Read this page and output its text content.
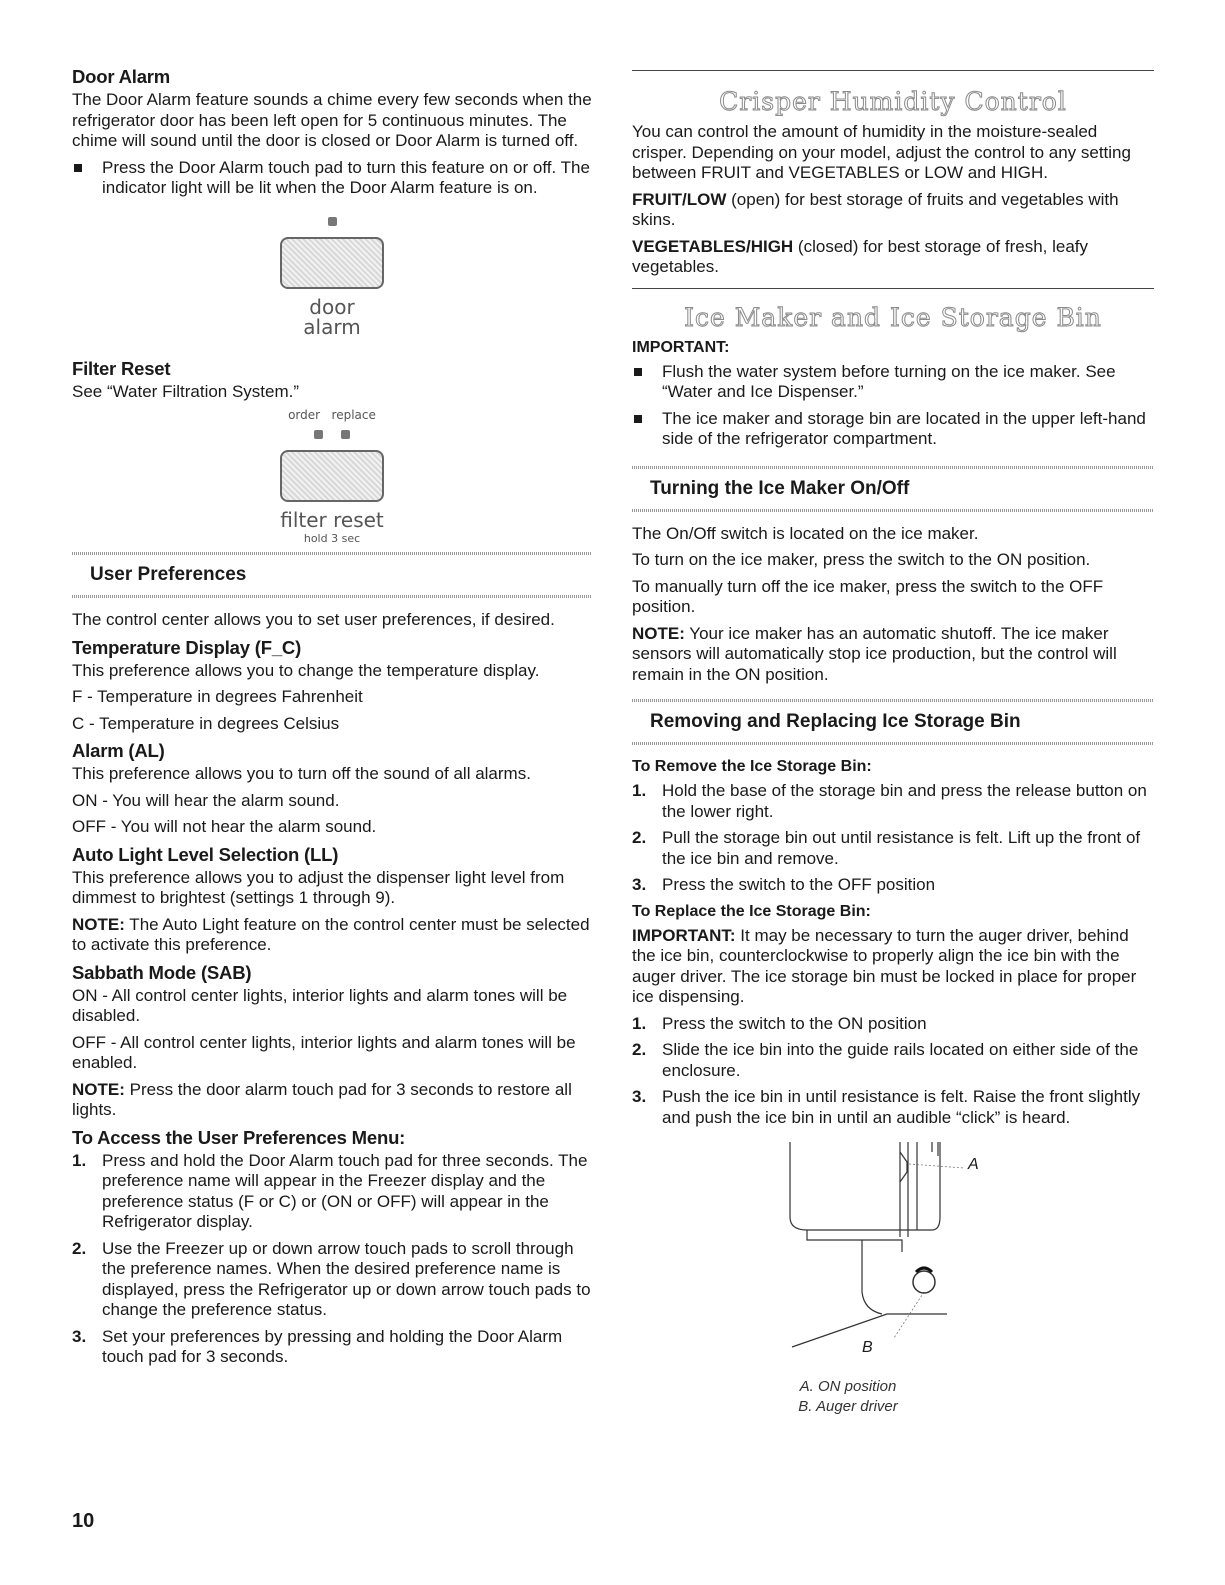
Door Alarm

The Door Alarm feature sounds a chime every few seconds when the refrigerator door has been left open for 5 continuous minutes. The chime will sound until the door is closed or Door Alarm is turned off.

Press the Door Alarm touch pad to turn this feature on or off. The indicator light will be lit when the Door Alarm feature is on.

door
alarm
Filter Reset

See “Water Filtration System.”

order replace

filter reset
hold 3 sec
User Preferences

The control center allows you to set user preferences, if desired.

Temperature Display (F_C)

This preference allows you to change the temperature display.

F - Temperature in degrees Fahrenheit

C - Temperature in degrees Celsius

Alarm (AL)

This preference allows you to turn off the sound of all alarms.

ON - You will hear the alarm sound.

OFF - You will not hear the alarm sound.

Auto Light Level Selection (LL)

This preference allows you to adjust the dispenser light level from dimmest to brightest (settings 1 through 9).

NOTE: The Auto Light feature on the control center must be selected to activate this preference.

Sabbath Mode (SAB)

ON - All control center lights, interior lights and alarm tones will be disabled.

OFF - All control center lights, interior lights and alarm tones will be enabled.

NOTE: Press the door alarm touch pad for 3 seconds to restore all lights.

To Access the User Preferences Menu:

1. Press and hold the Door Alarm touch pad for three seconds. The preference name will appear in the Freezer display and the preference status (F or C) or (ON or OFF) will appear in the Refrigerator display.

2. Use the Freezer up or down arrow touch pads to scroll through the preference names. When the desired preference name is displayed, press the Refrigerator up or down arrow touch pads to change the preference status.

3. Set your preferences by pressing and holding the Door Alarm touch pad for 3 seconds.

Crisper Humidity Control

You can control the amount of humidity in the moisture-sealed crisper. Depending on your model, adjust the control to any setting between FRUIT and VEGETABLES or LOW and HIGH.

FRUIT/LOW (open) for best storage of fruits and vegetables with skins.

VEGETABLES/HIGH (closed) for best storage of fresh, leafy vegetables.

Ice Maker and Ice Storage Bin
IMPORTANT:

Flush the water system before turning on the ice maker. See “Water and Ice Dispenser.”

The ice maker and storage bin are located in the upper left-hand side of the refrigerator compartment.

Turning the Ice Maker On/Off

The On/Off switch is located on the ice maker.

To turn on the ice maker, press the switch to the ON position.

To manually turn off the ice maker, press the switch to the OFF position.

NOTE: Your ice maker has an automatic shutoff. The ice maker sensors will automatically stop ice production, but the control will remain in the ON position.

Removing and Replacing Ice Storage Bin
To Remove the Ice Storage Bin:

1. Hold the base of the storage bin and press the release button on the lower right.

2. Pull the storage bin out until resistance is felt. Lift up the front of the ice bin and remove.

3. Press the switch to the OFF position

To Replace the Ice Storage Bin:

IMPORTANT: It may be necessary to turn the auger driver, behind the ice bin, counterclockwise to properly align the ice bin with the auger driver. The ice storage bin must be locked in place for proper ice dispensing.

1. Press the switch to the ON position

2. Slide the ice bin into the guide rails located on either side of the enclosure.

3. Push the ice bin in until resistance is felt. Raise the front slightly and push the ice bin in until an audible “click” is heard.

A
B
A. ON position
B. Auger driver
10
